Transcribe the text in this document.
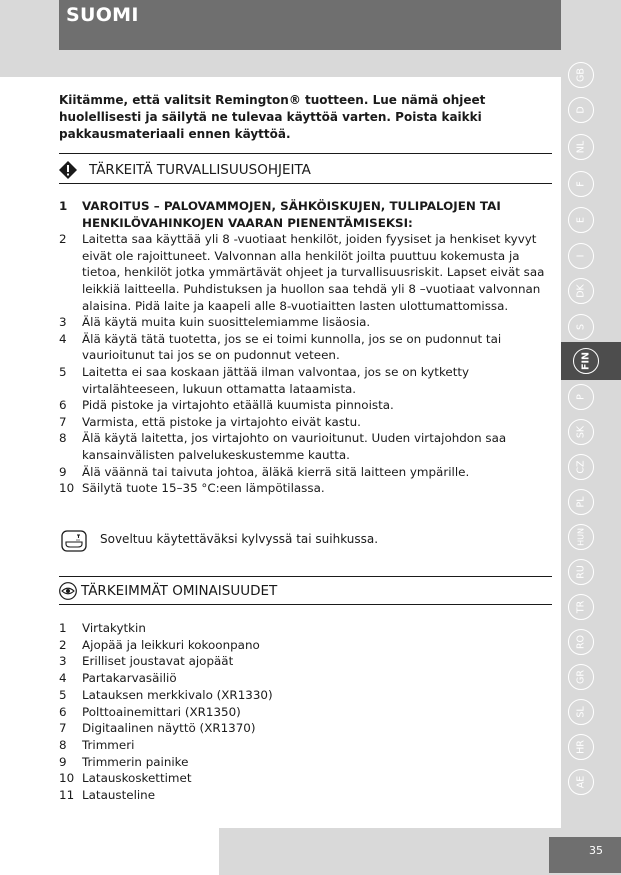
SUOMI
GB
D
NL
F
E
I
DK
S
P
SK
CZ
PL
HUN
RU
TR
RO
GR
SL
HR
AE
FIN
Kiitämme, että valitsit Remington® tuotteen. Lue nämä ohjeet huolellisesti ja säilytä ne tulevaa käyttöä varten. Poista kaikki pakkausmateriaali ennen käyttöä.
TÄRKEITÄ TURVALLISUUSOHJEITA
1 VAROITUS – PALOVAMMOJEN, SÄHKÖISKUJEN, TULIPALOJEN TAI HENKILÖVAHINKOJEN VAARAN PIENENTÄMISEKSI:
2 Laitetta saa käyttää yli 8 -vuotiaat henkilöt, joiden fyysiset ja henkiset kyvyt eivät ole rajoittuneet. Valvonnan alla henkilöt joilta puuttuu kokemusta ja tietoa, henkilöt jotka ymmärtävät ohjeet ja turvallisuusriskit. Lapset eivät saa leikkiä laitteella. Puhdistuksen ja huollon saa tehdä yli 8 –vuotiaat valvonnan alaisina. Pidä laite ja kaapeli alle 8-vuotiaitten lasten ulottumattomissa.
3 Älä käytä muita kuin suosittelemiamme lisäosia.
4 Älä käytä tätä tuotetta, jos se ei toimi kunnolla, jos se on pudonnut tai vaurioitunut tai jos se on pudonnut veteen.
5 Laitetta ei saa koskaan jättää ilman valvontaa, jos se on kytketty virtalähteeseen, lukuun ottamatta lataamista.
6 Pidä pistoke ja virtajohto etäällä kuumista pinnoista.
7 Varmista, että pistoke ja virtajohto eivät kastu.
8 Älä käytä laitetta, jos virtajohto on vaurioitunut. Uuden virtajohdon saa kansainvälisten palvelukeskustemme kautta.
9 Älä väännä tai taivuta johtoa, äläkä kierrä sitä laitteen ympärille.
10 Säilytä tuote 15–35 °C:een lämpötilassa.
Soveltuu käytettäväksi kylvyssä tai suihkussa.
TÄRKEIMMÄT OMINAISUUDET
1 Virtakytkin
2 Ajopää ja leikkuri kokoonpano
3 Erilliset joustavat ajopäät
4 Partakarvasäiliö
5 Latauksen merkkivalo (XR1330)
6 Polttoainemittari (XR1350)
7 Digitaalinen näyttö (XR1370)
8 Trimmeri
9 Trimmerin painike
10 Latauskoskettimet
11 Latausteline
35
